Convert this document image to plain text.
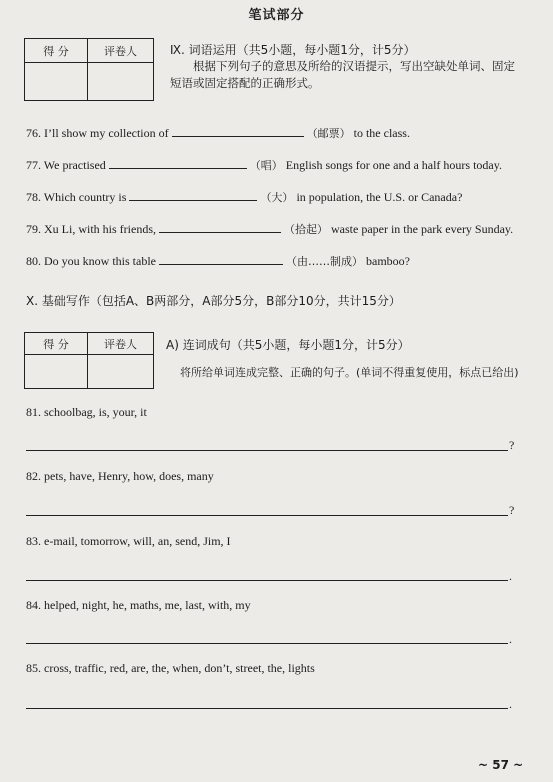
笔试部分
得 分	评卷人
		Ⅸ. 词语运用（共5小题，每小题1分，计5分）
根据下列句子的意思及所给的汉语提示，写出空缺处单词、固定短语或固定搭配的正确形式。
76. I’ll show my collection of	（邮票） to the class.
77. We practised	（唱） English songs for one and a half hours today.
78. Which country is	（大） in population, the U.S. or Canada?
79. Xu Li, with his friends,	（拾起） waste paper in the park every Sunday.
80. Do you know this table	（由……制成） bamboo?
Ⅹ. 基础写作（包括A、B两部分，A部分5分，B部分10分，共计15分）
得 分	评卷人
	A) 连词成句（共5小题，每小题1分，计5分）
将所给单词连成完整、正确的句子。(单词不得重复使用，标点已给出)
81. schoolbag, is, your, it
?
82. pets, have, Henry, how, does, many
?
83. e-mail, tomorrow, will, an, send, Jim, I
.
84. helped, night, he, maths, me, last, with, my
.
85. cross, traffic, red, are, the, when, don’t, street, the, lights
.
~ 57 ~
